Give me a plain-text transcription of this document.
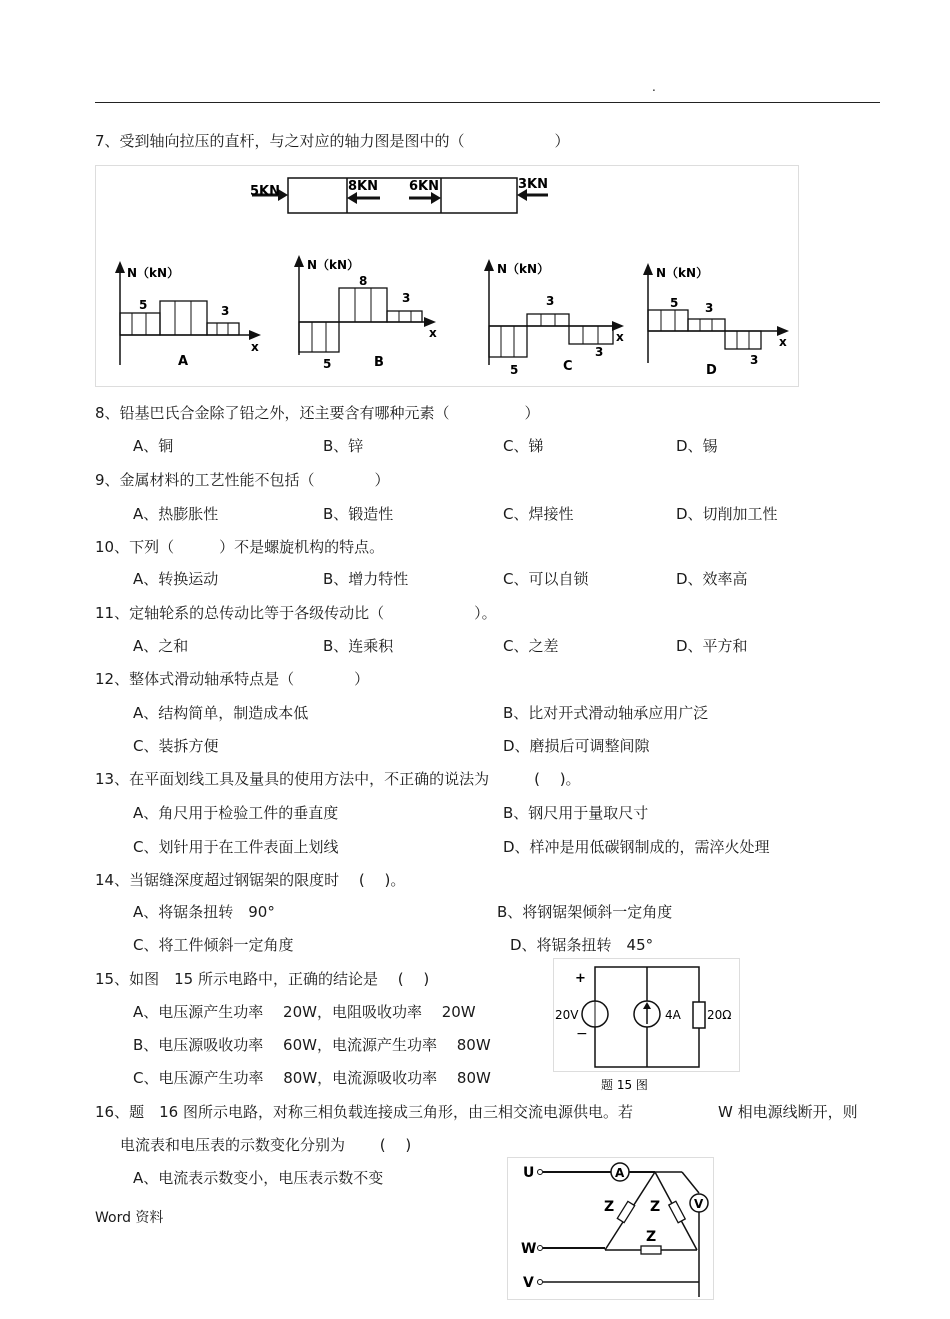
.
7、受到轴向拉压的直杆，与之对应的轴力图是图中的（　　　　　　）
5KN	8KN 6KN	3KN
N（kN）
x
5	3
A
N（kN）
x
8
3
5	B
N（kN）
x
3
3
5	C
N（kN）
x
5 3
3
D
8、铅基巴氏合金除了铅之外，还主要含有哪种元素（　　　　　）
A、铜	B、锌	C、锑	D、锡
9、金属材料的工艺性能不包括（　　　　）
A、热膨胀性	B、锻造性	C、焊接性	D、切削加工性
10、下列（　　　）不是螺旋机构的特点。
A、转换运动	B、增力特性	C、可以自锁	D、效率高
11、定轴轮系的总传动比等于各级传动比（　　　　　　）。
A、之和	B、连乘积	C、之差	D、平方和
12、整体式滑动轴承特点是（　　　　）
A、结构简单，制造成本低	B、比对开式滑动轴承应用广泛
C、装拆方便	D、磨损后可调整间隙
13、在平面划线工具及量具的使用方法中，不正确的说法为　　　(　 )。
A、角尺用于检验工件的垂直度	B、钢尺用于量取尺寸
C、划针用于在工件表面上划线	D、样冲是用低碳钢制成的，需淬火处理
14、当锯缝深度超过钢锯架的限度时　 (　 )。
A、将锯条扭转　90°	B、将钢锯架倾斜一定角度
C、将工件倾斜一定角度	D、将锯条扭转　45°
15、如图　15 所示电路中，正确的结论是　 (　 )
A、电压源产生功率　 20W，电阻吸收功率　 20W
B、电压源吸收功率　 60W，电流源产生功率　 80W
C、电压源产生功率　 80W，电流源吸收功率　 80W
+
−
20V	4A 20Ω
题 15 图
16、题　16 图所示电路，对称三相负载连接成三角形，由三相交流电源供电。若	W 相电源线断开，则
电流表和电压表的示数变化分别为　　 (　 )
A、电流表示数变小，电压表示数不变	U
W
V
A
V
Z	Z
Z
Word 资料
